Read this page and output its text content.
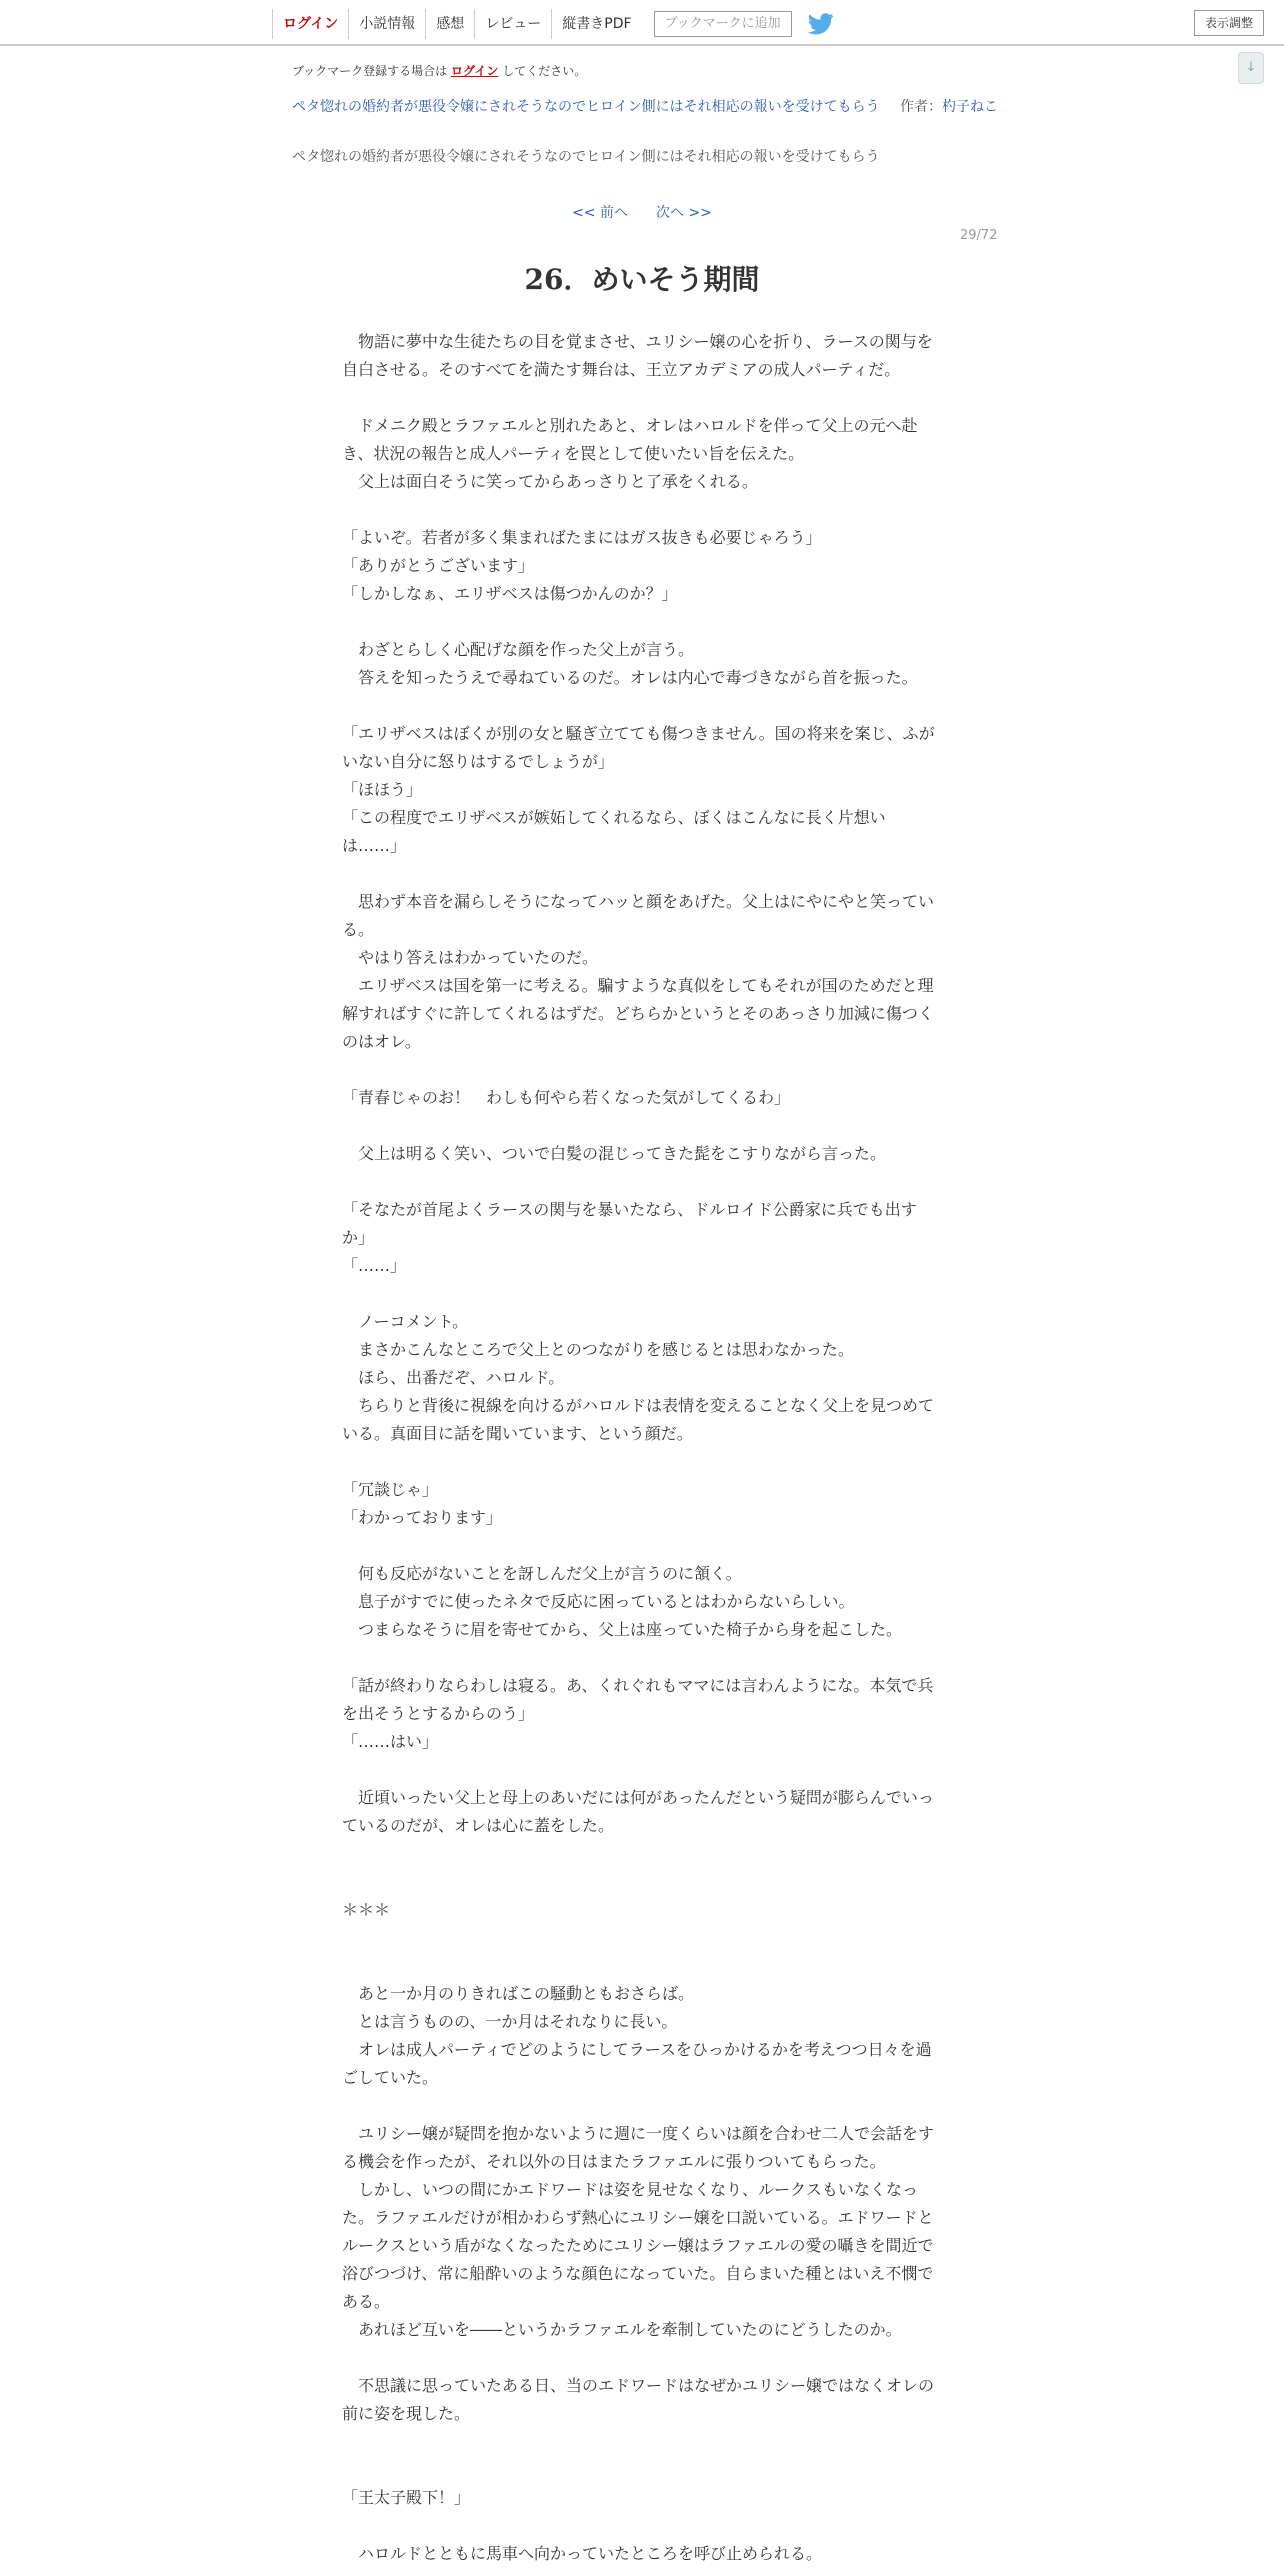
ログイン	小説情報	感想	レビュー	縦書きPDF	ブックマークに追加	表示調整
↓
ブックマーク登録する場合は ログイン してください。
作者：杓子ねこ
ペタ惚れの婚約者が悪役令嬢にされそうなのでヒロイン側にはそれ相応の報いを受けてもらう
ペタ惚れの婚約者が悪役令嬢にされそうなのでヒロイン側にはそれ相応の報いを受けてもらう
<< 前へ 次へ >>
29/72
26．めいそう期間

　物語に夢中な生徒たちの目を覚まさせ、ユリシー嬢の心を折り、ラースの関与を自白させる。そのすべてを満たす舞台は、王立アカデミアの成人パーティだ。

　ドメニク殿とラファエルと別れたあと、オレはハロルドを伴って父上の元へ赴き、状況の報告と成人パーティを罠として使いたい旨を伝えた。

　父上は面白そうに笑ってからあっさりと了承をくれる。

「よいぞ。若者が多く集まればたまにはガス抜きも必要じゃろう」

「ありがとうございます」

「しかしなぁ、エリザベスは傷つかんのか？」

　わざとらしく心配げな顔を作った父上が言う。

　答えを知ったうえで尋ねているのだ。オレは内心で毒づきながら首を振った。

「エリザベスはぼくが別の女と騒ぎ立てても傷つきません。国の将来を案じ、ふがいない自分に怒りはするでしょうが」

「ほほう」

「この程度でエリザベスが嫉妬してくれるなら、ぼくはこんなに長く片想いは……」

　思わず本音を漏らしそうになってハッと顔をあげた。父上はにやにやと笑っている。

　やはり答えはわかっていたのだ。

　エリザベスは国を第一に考える。騙すような真似をしてもそれが国のためだと理解すればすぐに許してくれるはずだ。どちらかというとそのあっさり加減に傷つくのはオレ。

「青春じゃのお！　わしも何やら若くなった気がしてくるわ」

　父上は明るく笑い、ついで白髪の混じってきた髭をこすりながら言った。

「そなたが首尾よくラースの関与を暴いたなら、ドルロイド公爵家に兵でも出すか」

「……」

　ノーコメント。

　まさかこんなところで父上とのつながりを感じるとは思わなかった。

　ほら、出番だぞ、ハロルド。

　ちらりと背後に視線を向けるがハロルドは表情を変えることなく父上を見つめている。真面目に話を聞いています、という顔だ。

「冗談じゃ」

「わかっております」

　何も反応がないことを訝しんだ父上が言うのに頷く。

　息子がすでに使ったネタで反応に困っているとはわからないらしい。

　つまらなそうに眉を寄せてから、父上は座っていた椅子から身を起こした。

「話が終わりならわしは寝る。あ、くれぐれもママには言わんようにな。本気で兵を出そうとするからのう」

「……はい」

　近頃いったい父上と母上のあいだには何があったんだという疑問が膨らんでいっているのだが、オレは心に蓋をした。

＊＊＊

　あと一か月のりきればこの騒動ともおさらば。

　とは言うものの、一か月はそれなりに長い。

　オレは成人パーティでどのようにしてラースをひっかけるかを考えつつ日々を過ごしていた。

　ユリシー嬢が疑問を抱かないように週に一度くらいは顔を合わせ二人で会話をする機会を作ったが、それ以外の日はまたラファエルに張りついてもらった。

　しかし、いつの間にかエドワードは姿を見せなくなり、ルークスもいなくなった。ラファエルだけが相かわらず熱心にユリシー嬢を口説いている。エドワードとルークスという盾がなくなったためにユリシー嬢はラファエルの愛の囁きを間近で浴びつづけ、常に船酔いのような顔色になっていた。自らまいた種とはいえ不憫である。

　あれほど互いを――というかラファエルを牽制していたのにどうしたのか。

　不思議に思っていたある日、当のエドワードはなぜかユリシー嬢ではなくオレの前に姿を現した。

「王太子殿下！」

　ハロルドとともに馬車へ向かっていたところを呼び止められる。
